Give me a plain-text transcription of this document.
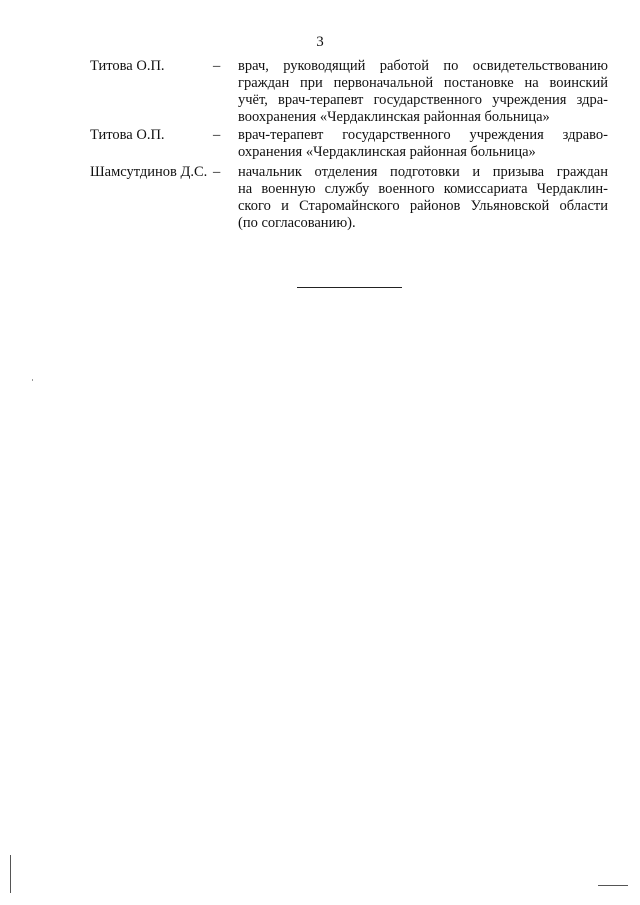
3
Титова О.П.	– врач, руководящий работой по освидетельствованию
граждан при первоначальной постановке на воинский
учёт, врач-терапевт государственного учреждения здра-
воохранения «Чердаклинская районная больница»
Титова О.П.	– врач-терапевт государственного учреждения здраво-
охранения «Чердаклинская районная больница»
Шамсутдинов Д.С. – начальник отделения подготовки и призыва граждан
на военную службу военного комиссариата Чердаклин-
ского и Старомайнского районов Ульяновской области
(по согласованию).
